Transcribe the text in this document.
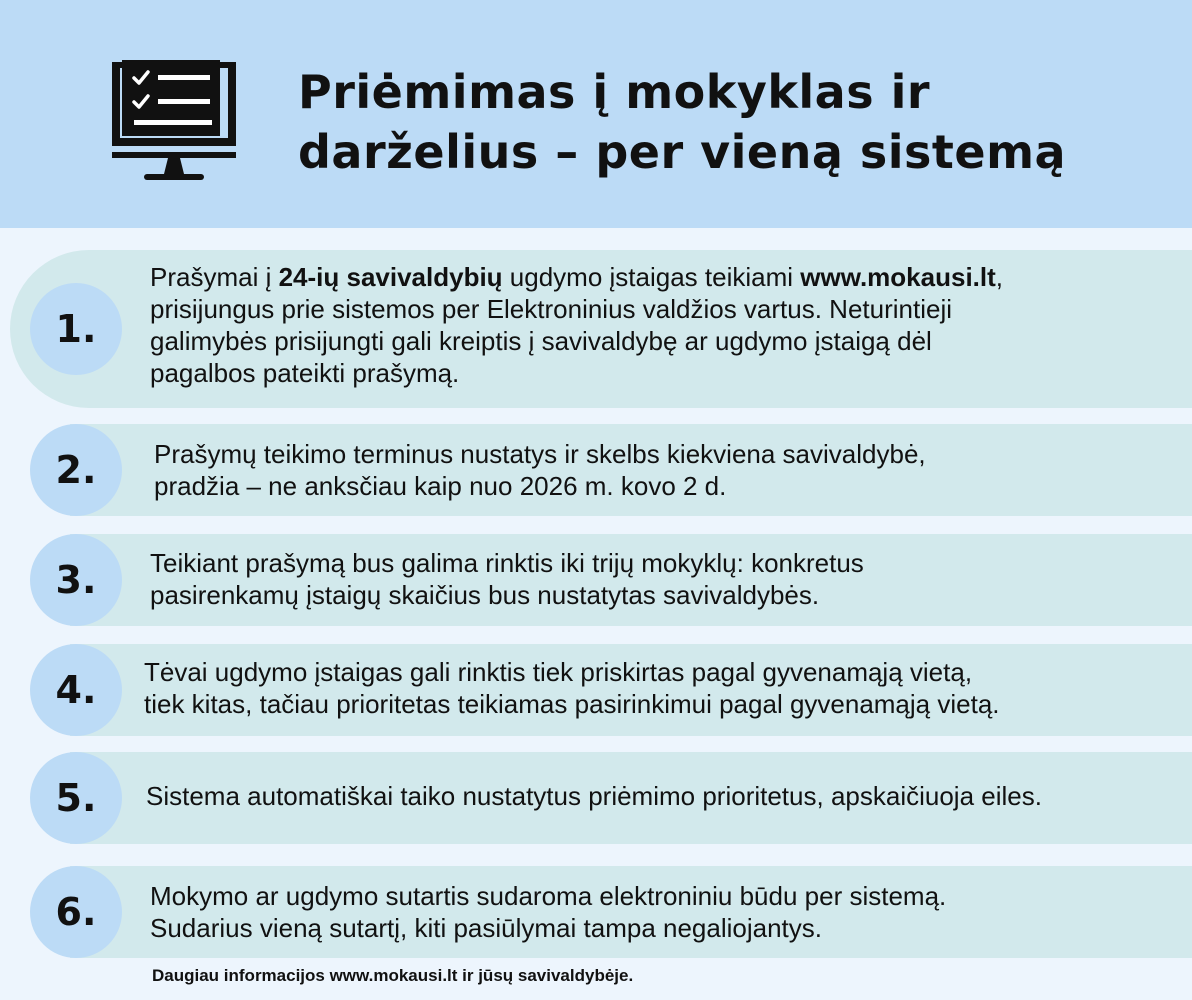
Priėmimas į mokyklas ir
darželius – per vieną sistemą
1.
Prašymai į 24-ių savivaldybių ugdymo įstaigas teikiami www.mokausi.lt,
prisijungus prie sistemos per Elektroninius valdžios vartus. Neturintieji
galimybės prisijungti gali kreiptis į savivaldybę ar ugdymo įstaigą dėl
pagalbos pateikti prašymą.
2.	Prašymų teikimo terminus nustatys ir skelbs kiekviena savivaldybė,
pradžia – ne anksčiau kaip nuo 2026 m. kovo 2 d.
3.	Teikiant prašymą bus galima rinktis iki trijų mokyklų: konkretus
pasirenkamų įstaigų skaičius bus nustatytas savivaldybės.
4.	Tėvai ugdymo įstaigas gali rinktis tiek priskirtas pagal gyvenamąją vietą,
tiek kitas, tačiau prioritetas teikiamas pasirinkimui pagal gyvenamąją vietą.
5.	Sistema automatiškai taiko nustatytus priėmimo prioritetus, apskaičiuoja eiles.
6.	Mokymo ar ugdymo sutartis sudaroma elektroniniu būdu per sistemą.
Sudarius vieną sutartį, kiti pasiūlymai tampa negaliojantys.
Daugiau informacijos www.mokausi.lt ir jūsų savivaldybėje.
